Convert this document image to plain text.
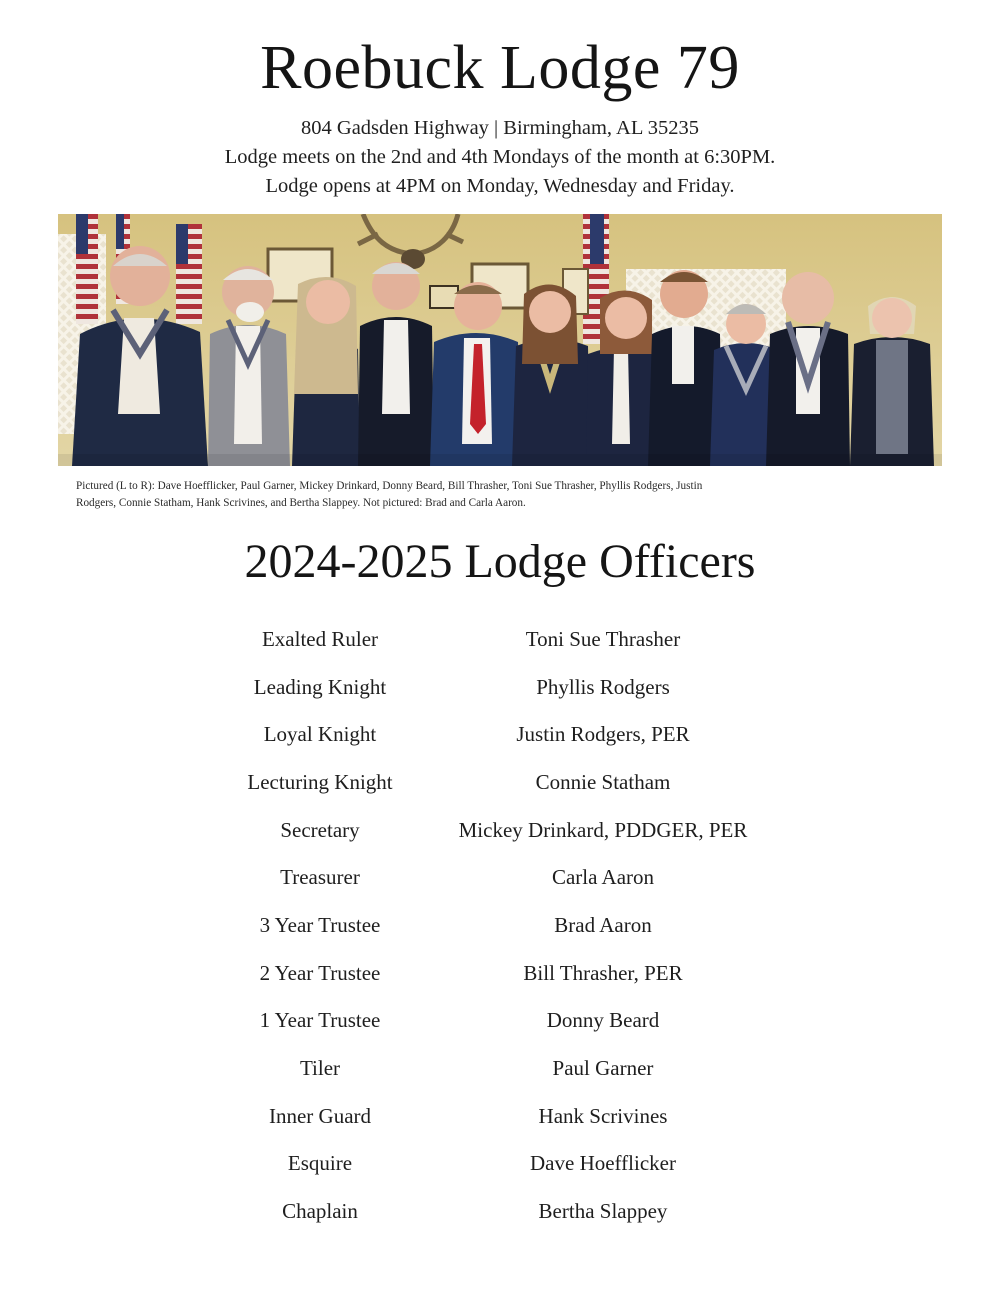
Roebuck Lodge 79
804 Gadsden Highway | Birmingham, AL 35235
Lodge meets on the 2nd and 4th Mondays of the month at 6:30PM.
Lodge opens at 4PM on Monday, Wednesday and Friday.
Pictured (L to R): Dave Hoefflicker, Paul Garner, Mickey Drinkard, Donny Beard, Bill Thrasher, Toni Sue Thrasher, Phyllis Rodgers, Justin
Rodgers, Connie Statham, Hank Scrivines, and Bertha Slappey. Not pictured: Brad and Carla Aaron.
2024-2025 Lodge Officers
Exalted Ruler	Toni Sue Thrasher
Leading Knight	Phyllis Rodgers
Loyal Knight	Justin Rodgers, PER
Lecturing Knight	Connie Statham
Secretary	Mickey Drinkard, PDDGER, PER
Treasurer	Carla Aaron
3 Year Trustee	Brad Aaron
2 Year Trustee	Bill Thrasher, PER
1 Year Trustee	Donny Beard
Tiler	Paul Garner
Inner Guard	Hank Scrivines
Esquire	Dave Hoefflicker
Chaplain	Bertha Slappey
